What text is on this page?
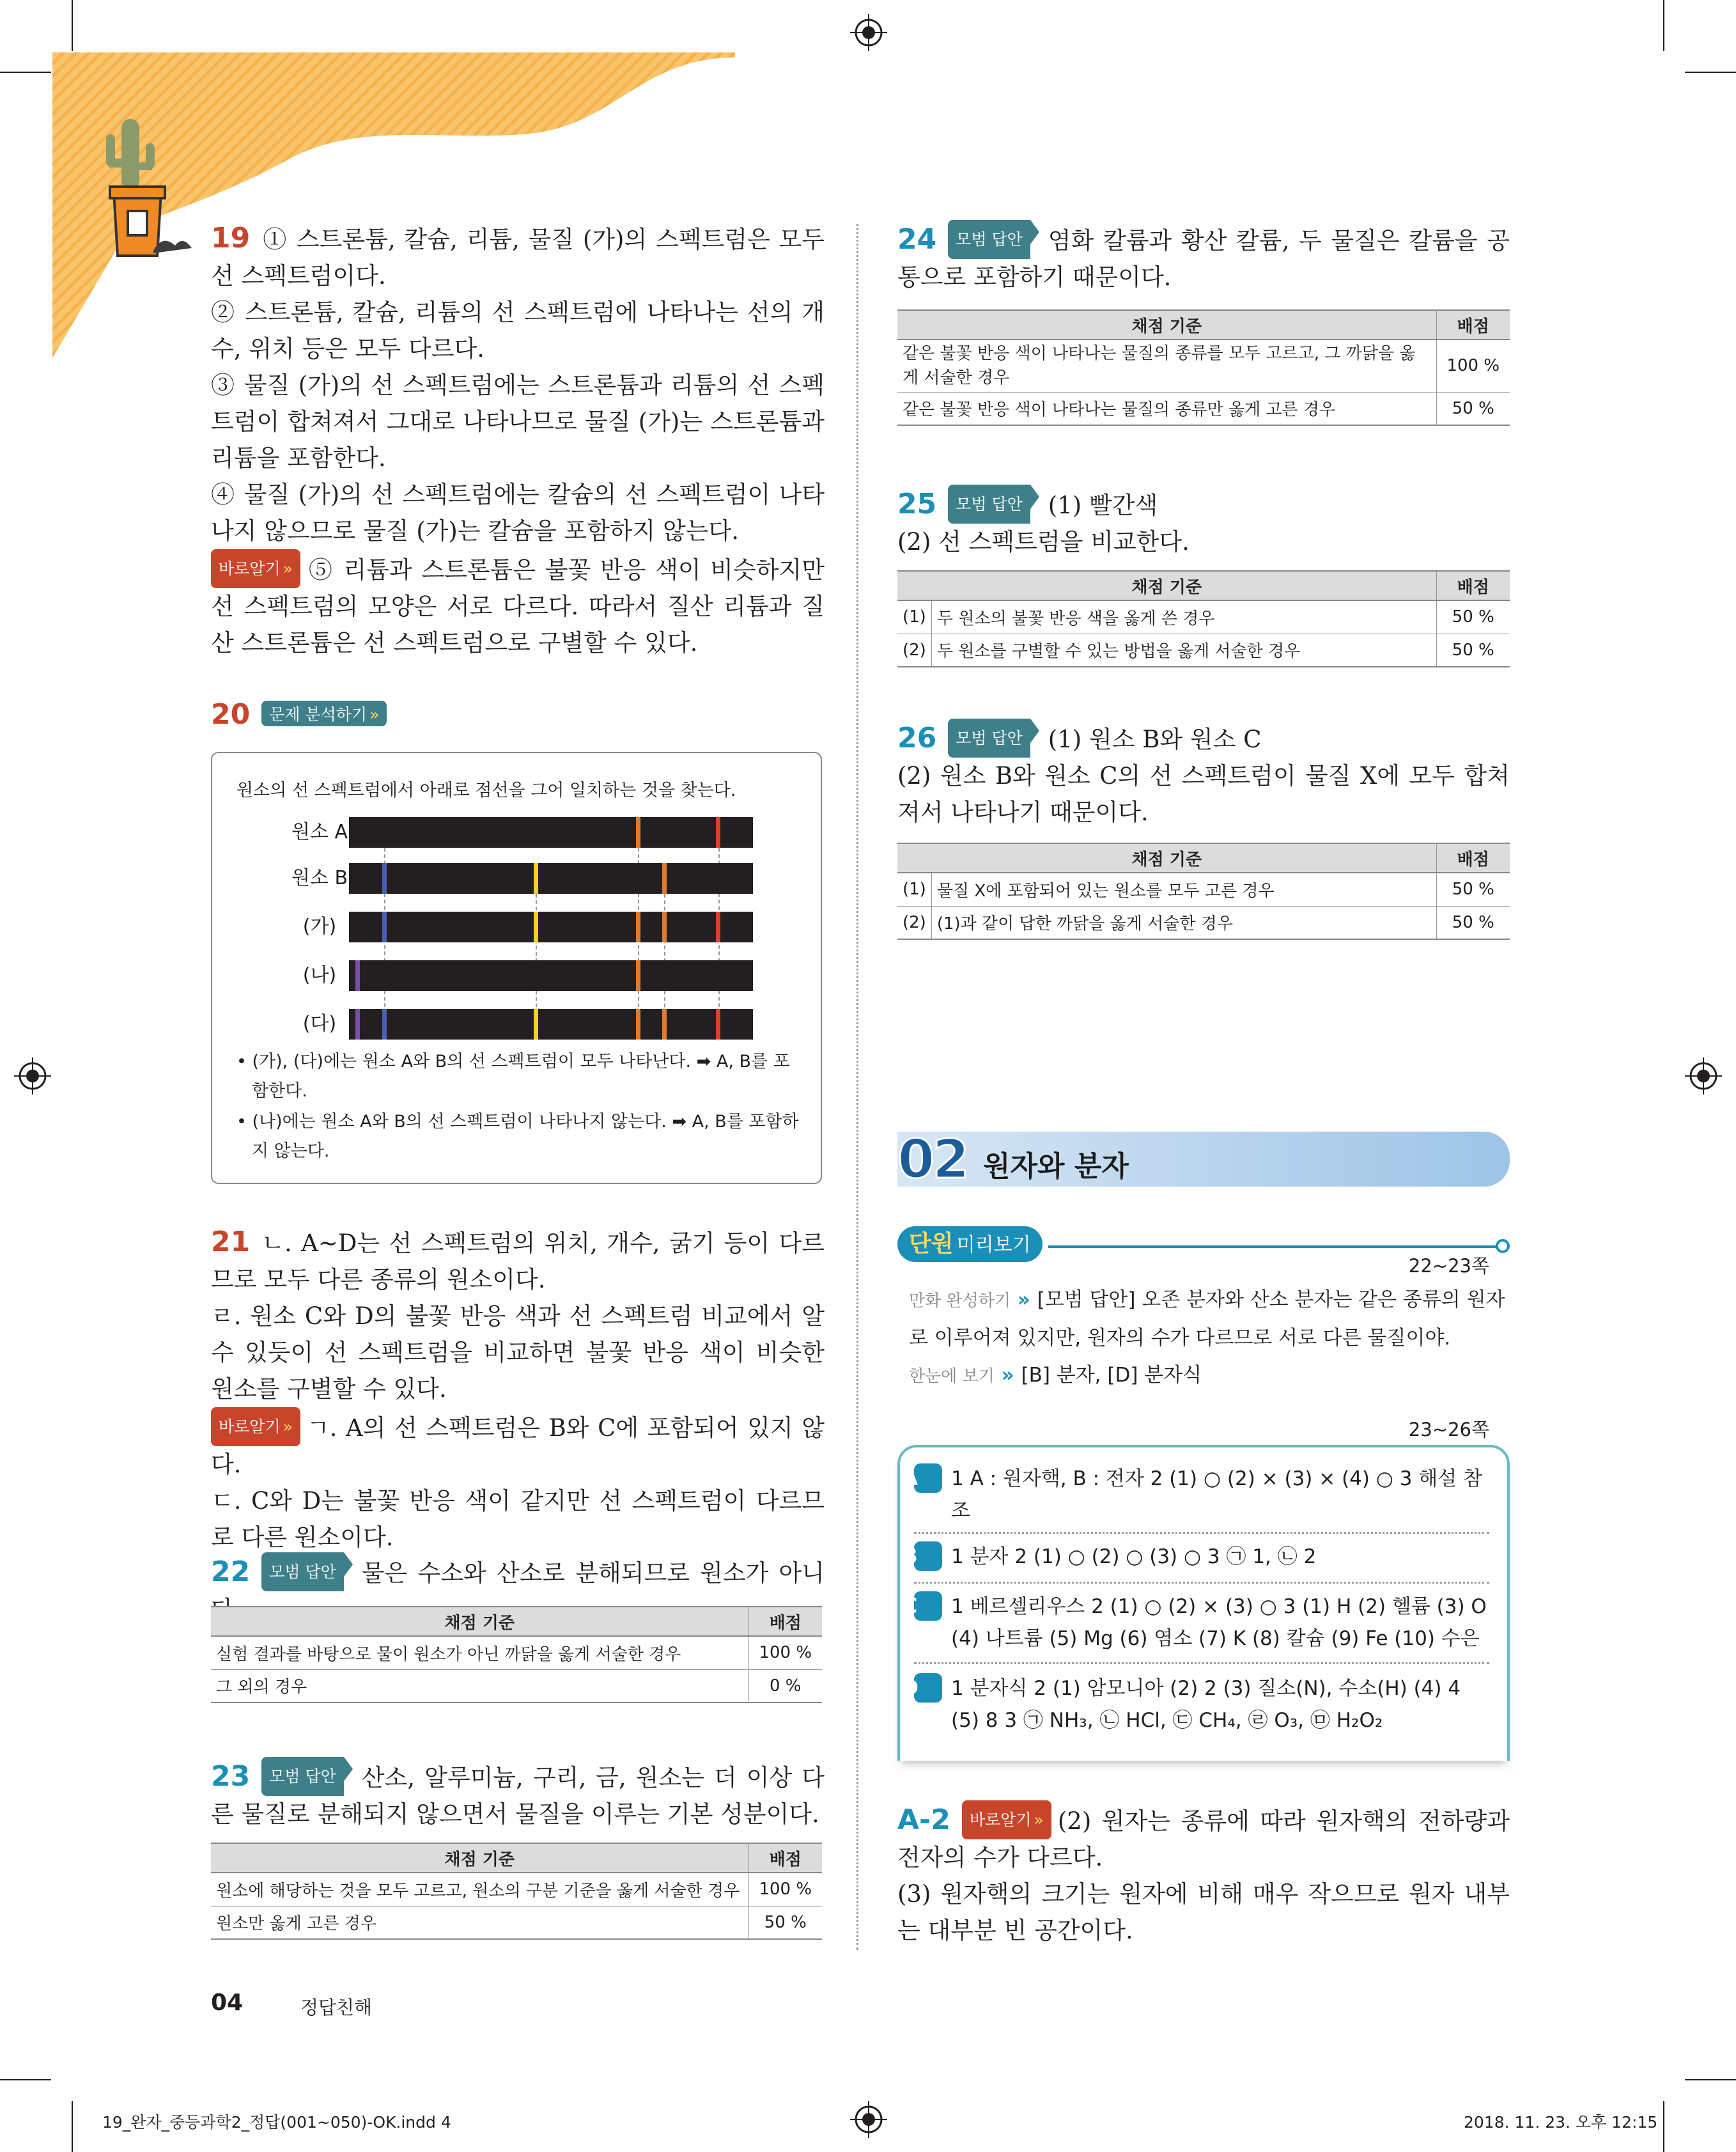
19 ① 스트론튬, 칼슘, 리튬, 물질 (가)의 스펙트럼은 모두 선 스펙트럼이다.

② 스트론튬, 칼슘, 리튬의 선 스펙트럼에 나타나는 선의 개수, 위치 등은 모두 다르다.

③ 물질 (가)의 선 스펙트럼에는 스트론튬과 리튬의 선 스펙트럼이 합쳐져서 그대로 나타나므로 물질 (가)는 스트론튬과 리튬을 포함한다.

④ 물질 (가)의 선 스펙트럼에는 칼슘의 선 스펙트럼이 나타나지 않으므로 물질 (가)는 칼슘을 포함하지 않는다.

바로알기 » ⑤ 리튬과 스트론튬은 불꽃 반응 색이 비슷하지만 선 스펙트럼의 모양은 서로 다르다. 따라서 질산 리튬과 질산 스트론튬은 선 스펙트럼으로 구별할 수 있다.

20 문제 분석하기 »
원소의 선 스펙트럼에서 아래로 점선을 그어 일치하는 것을 찾는다.
원소 A
원소 B
(가)
(나)
(다)
• (가), (다)에는 원소 A와 B의 선 스펙트럼이 모두 나타난다. ➡ A, B를 포함한다.
• (나)에는 원소 A와 B의 선 스펙트럼이 나타나지 않는다. ➡ A, B를 포함하지 않는다.

21 ㄴ. A~D는 선 스펙트럼의 위치, 개수, 굵기 등이 다르므로 모두 다른 종류의 원소이다.

ㄹ. 원소 C와 D의 불꽃 반응 색과 선 스펙트럼 비교에서 알 수 있듯이 선 스펙트럼을 비교하면 불꽃 반응 색이 비슷한 원소를 구별할 수 있다.

바로알기 » ㄱ. A의 선 스펙트럼은 B와 C에 포함되어 있지 않다.

ㄷ. C와 D는 불꽃 반응 색이 같지만 선 스펙트럼이 다르므로 다른 원소이다.

22 모범 답안 물은 수소와 산소로 분해되므로 원소가 아니

채점 기준	배점
실험 결과를 바탕으로 물이 원소가 아닌 까닭을 옳게 서술한 경우	100 %
그 외의 경우	0 %

23 모범 답안 산소, 알루미늄, 구리, 금, 원소는 더 이상 다른 물질로 분해되지 않으면서 물질을 이루는 기본 성분이다.

채점 기준	배점
원소에 해당하는 것을 모두 고르고, 원소의 구분 기준을 옳게 서술한 경우	100 %
원소만 옳게 고른 경우	50 %

24 모범 답안 염화 칼륨과 황산 칼륨, 두 물질은 칼륨을 공통으로 포함하기 때문이다.

채점 기준	배점
같은 불꽃 반응 색이 나타나는 물질의 종류를 모두 고르고, 그 까닭을 옳게 서술한 경우	100 %
같은 불꽃 반응 색이 나타나는 물질의 종류만 옳게 고른 경우	50 %

25 모범 답안 (1) 빨간색

(2) 선 스펙트럼을 비교한다.

채점 기준		배점
(1)	두 원소의 불꽃 반응 색을 옳게 쓴 경우	50 %
(2)	두 원소를 구별할 수 있는 방법을 옳게 서술한 경우	50 %

26 모범 답안 (1) 원소 B와 원소 C

(2) 원소 B와 원소 C의 선 스펙트럼이 물질 X에 모두 합쳐져서 나타나기 때문이다.

채점 기준		배점
(1)	물질 X에 포함되어 있는 원소를 모두 고른 경우	50 %
(2)	(1)과 같이 답한 까닭을 옳게 서술한 경우	50 %
02 원자와 분자
단원 미리보기
22~23쪽
만화 완성하기 » [모범 답안] 오존 분자와 산소 분자는 같은 종류의 원자로 이루어져 있지만, 원자의 수가 다르므로 서로 다른 물질이야.
한눈에 보기 » [B] 분자, [D] 분자식
23~26쪽
A 1 A : 원자핵, B : 전자 2 (1) ○ (2) × (3) × (4) ○ 3 해설 참조
B 1 분자 2 (1) ○ (2) ○ (3) ○ 3 ㉠ 1, ㉡ 2
C 1 베르셀리우스 2 (1) ○ (2) × (3) ○ 3 (1) H (2) 헬륨 (3) O (4) 나트륨 (5) Mg (6) 염소 (7) K (8) 칼슘 (9) Fe (10) 수은
D 1 분자식 2 (1) 암모니아 (2) 2 (3) 질소(N), 수소(H) (4) 4 (5) 8 3 ㉠ NH₃, ㉡ HCl, ㉢ CH₄, ㉣ O₃, ㉤ H₂O₂

A-2 바로알기 » (2) 원자는 종류에 따라 원자핵의 전하량과 전자의 수가 다르다.

(3) 원자핵의 크기는 원자에 비해 매우 작으므로 원자 내부는 대부분 빈 공간이다.

04	정답친해
19_완자_중등과학2_정답(001~050)-OK.indd 4	2018. 11. 23. 오후 12:15
